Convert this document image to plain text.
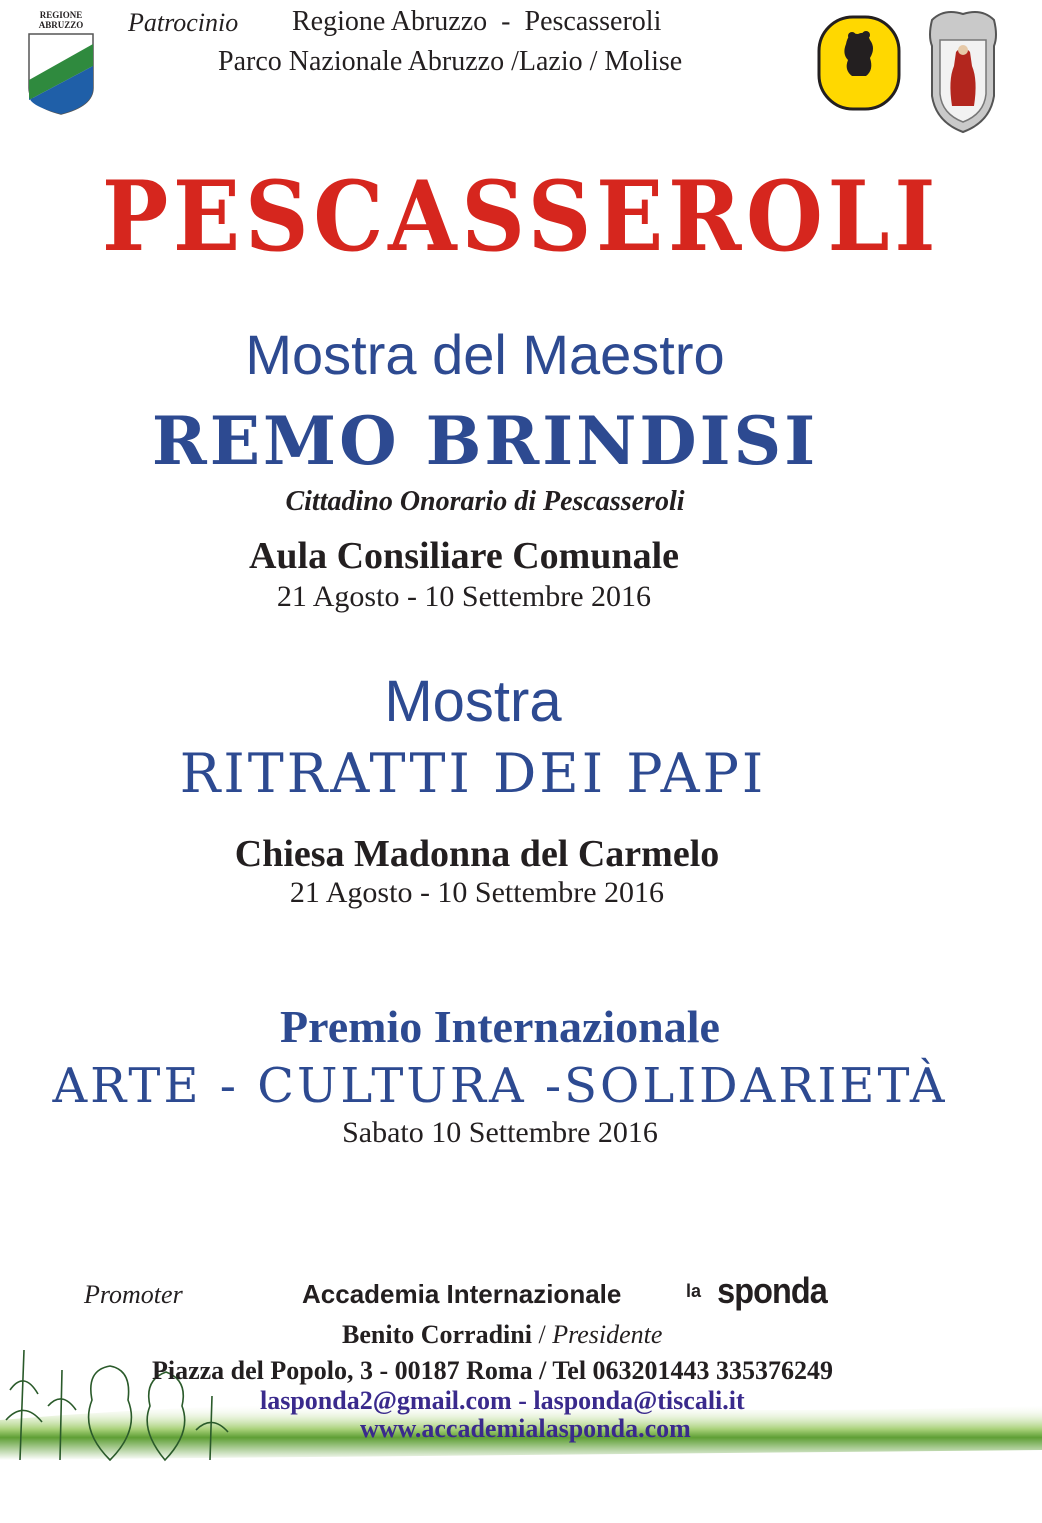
REGIONE
ABRUZZO Patrocinio Regione Abruzzo  -  Pescasseroli
Parco Nazionale Abruzzo /Lazio / Molise
PESCASSEROLI
Mostra del Maestro
REMO BRINDISI
Cittadino Onorario di Pescasseroli
Aula Consiliare Comunale
21 Agosto - 10 Settembre 2016
Mostra
RITRATTI DEI PAPI
Chiesa Madonna del Carmelo
21 Agosto - 10 Settembre 2016
Premio Internazionale
ARTE - CULTURA -SOLIDARIETÀ
Sabato 10 Settembre 2016
Promoter	Accademia Internazionale	la sponda
Benito Corradini / Presidente
Piazza del Popolo, 3 - 00187 Roma / Tel 063201443 335376249
lasponda2@gmail.com - lasponda@tiscali.it
www.accademialasponda.com
